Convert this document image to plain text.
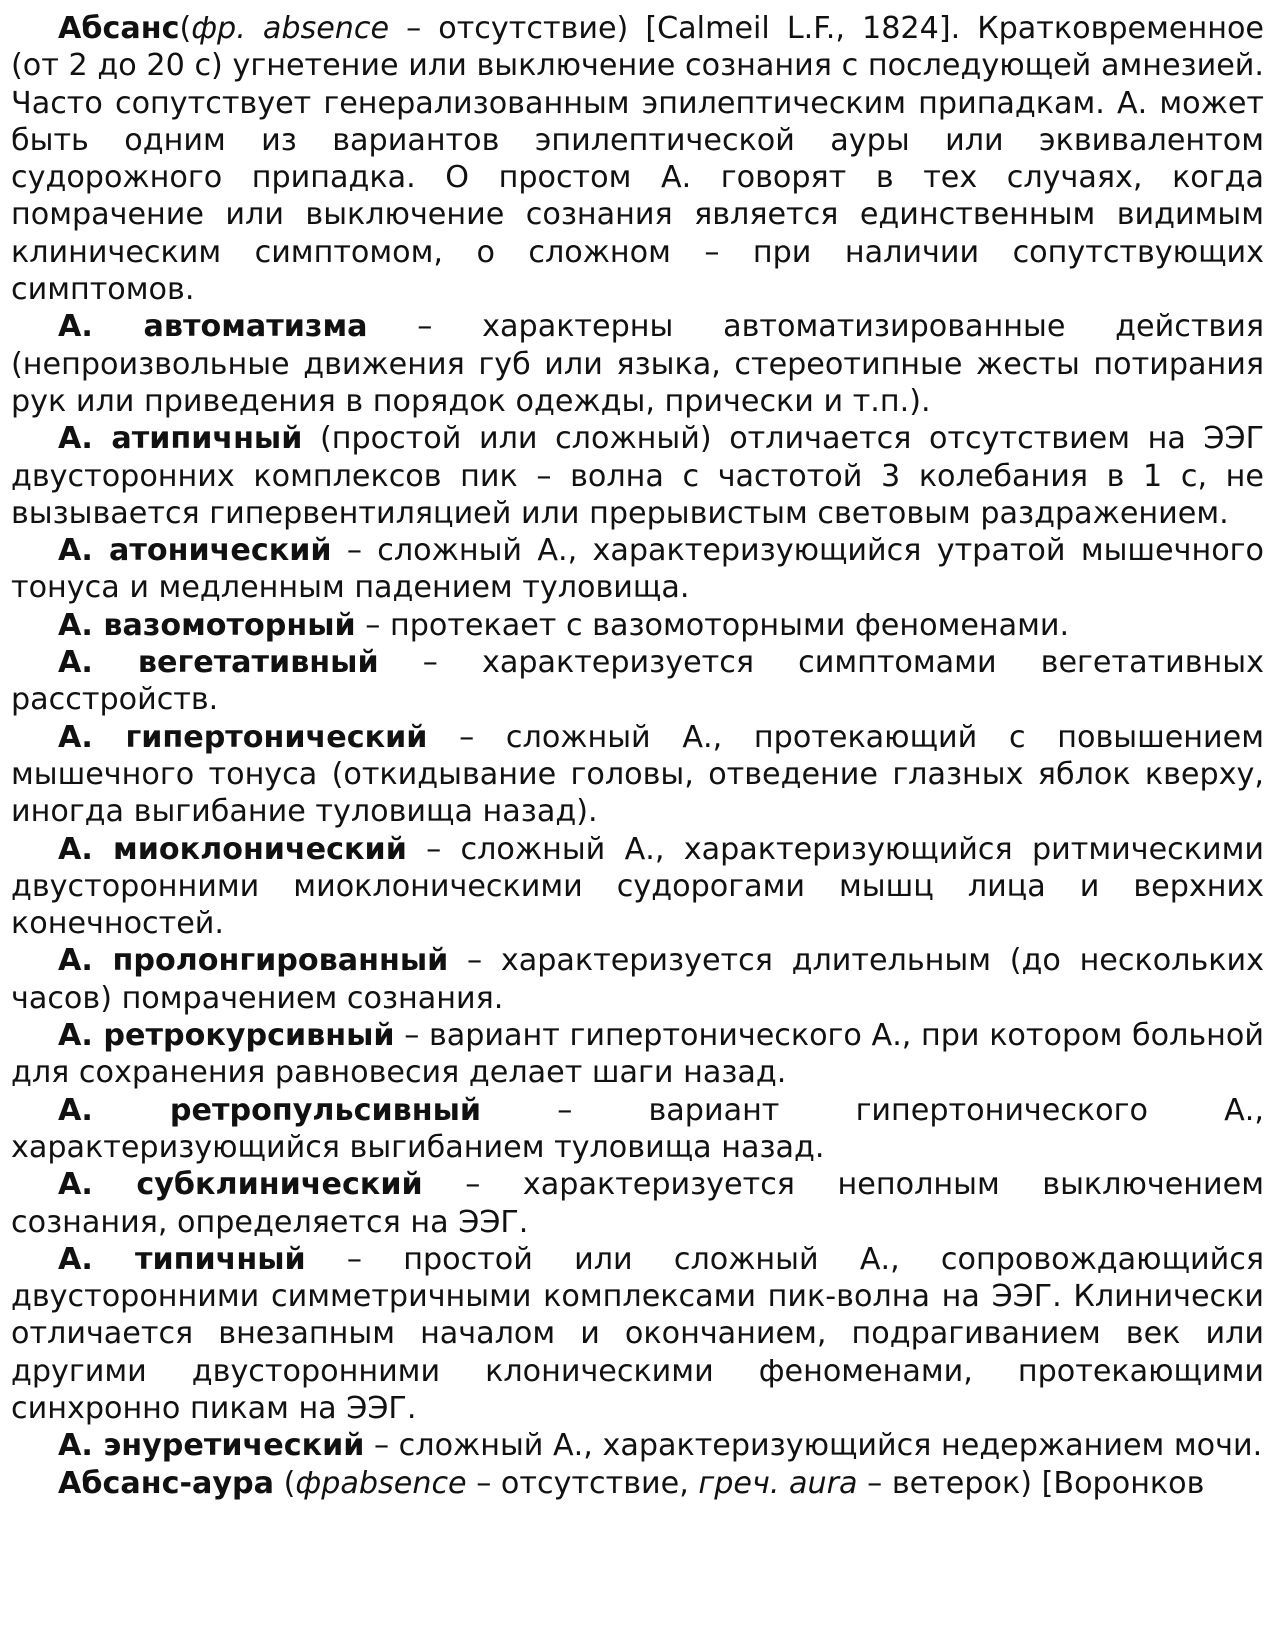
Абсанс(фр. absence – отсутствие) [Calmeil L.F., 1824]. Кратковременное (от 2 до 20 с) угнетение или выключение сознания с последующей амнезией. Часто сопутствует генерализованным эпилептическим припадкам. А. может быть одним из вариантов эпилептической ауры или эквивалентом судорожного припадка. О простом А. говорят в тех случаях, когда помрачение или выключение сознания является единственным видимым клиническим симптомом, о сложном – при наличии сопутствующих симптомов.

А. автоматизма – характерны автоматизированные действия (непроизвольные движения губ или языка, стереотипные жесты потирания рук или приведения в порядок одежды, прически и т.п.).

А. атипичный (простой или сложный) отличается отсутствием на ЭЭГ двусторонних комплексов пик – волна с частотой 3 колебания в 1 с, не вызывается гипервентиляцией или прерывистым световым раздражением.

А. атонический – сложный А., характеризующийся утратой мышечного тонуса и медленным падением туловища.

А. вазомоторный – протекает с вазомоторными феноменами.

А. вегетативный – характеризуется симптомами вегетативных расстройств.

А. гипертонический – сложный А., протекающий с повышением мышечного тонуса (откидывание головы, отведение глазных яблок кверху, иногда выгибание туловища назад).

А. миоклонический – сложный А., характеризующийся ритмическими двусторонними миоклоническими судорогами мышц лица и верхних конечностей.

А. пролонгированный – характеризуется длительным (до нескольких часов) помрачением сознания.

А. ретрокурсивный – вариант гипертонического А., при котором больной для сохранения равновесия делает шаги назад.

А. ретропульсивный – вариант гипертонического А., характеризующийся выгибанием туловища назад.

А. субклинический – характеризуется неполным выключением сознания, определяется на ЭЭГ.

А. типичный – простой или сложный А., сопровождающийся двусторонними симметричными комплексами пик-волна на ЭЭГ. Клинически отличается внезапным началом и окончанием, подрагиванием век или другими двусторонними клоническими феноменами, протекающими синхронно пикам на ЭЭГ.

А. энуретический – сложный А., характеризующийся недержанием мочи.

Абсанс-аура (фрabsence – отсутствие, греч. aura – ветерок) [Воронков
